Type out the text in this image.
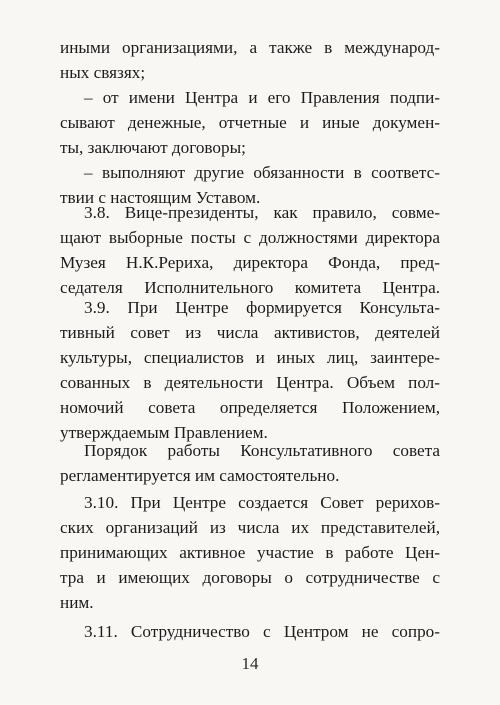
иными организациями, а также в международ-
ных связях;
– от имени Центра и его Правления подпи-
сывают денежные, отчетные и иные докумен-
ты, заключают договоры;
– выполняют другие обязанности в соответс-
твии с настоящим Уставом.
3.8. Вице-президенты, как правило, совме-
щают выборные посты с должностями директора
Музея Н.К.Рериха, директора Фонда, пред-
седателя Исполнительного комитета Центра.
3.9. При Центре формируется Консульта-
тивный совет из числа активистов, деятелей
культуры, специалистов и иных лиц, заинтере-
сованных в деятельности Центра. Объем пол-
номочий совета определяется Положением,
утверждаемым Правлением.
Порядок работы Консультативного совета
регламентируется им самостоятельно.
3.10. При Центре создается Совет рерихов-
ских организаций из числа их представителей,
принимающих активное участие в работе Цен-
тра и имеющих договоры о сотрудничестве с
ним.
3.11. Сотрудничество с Центром не сопро-
14
